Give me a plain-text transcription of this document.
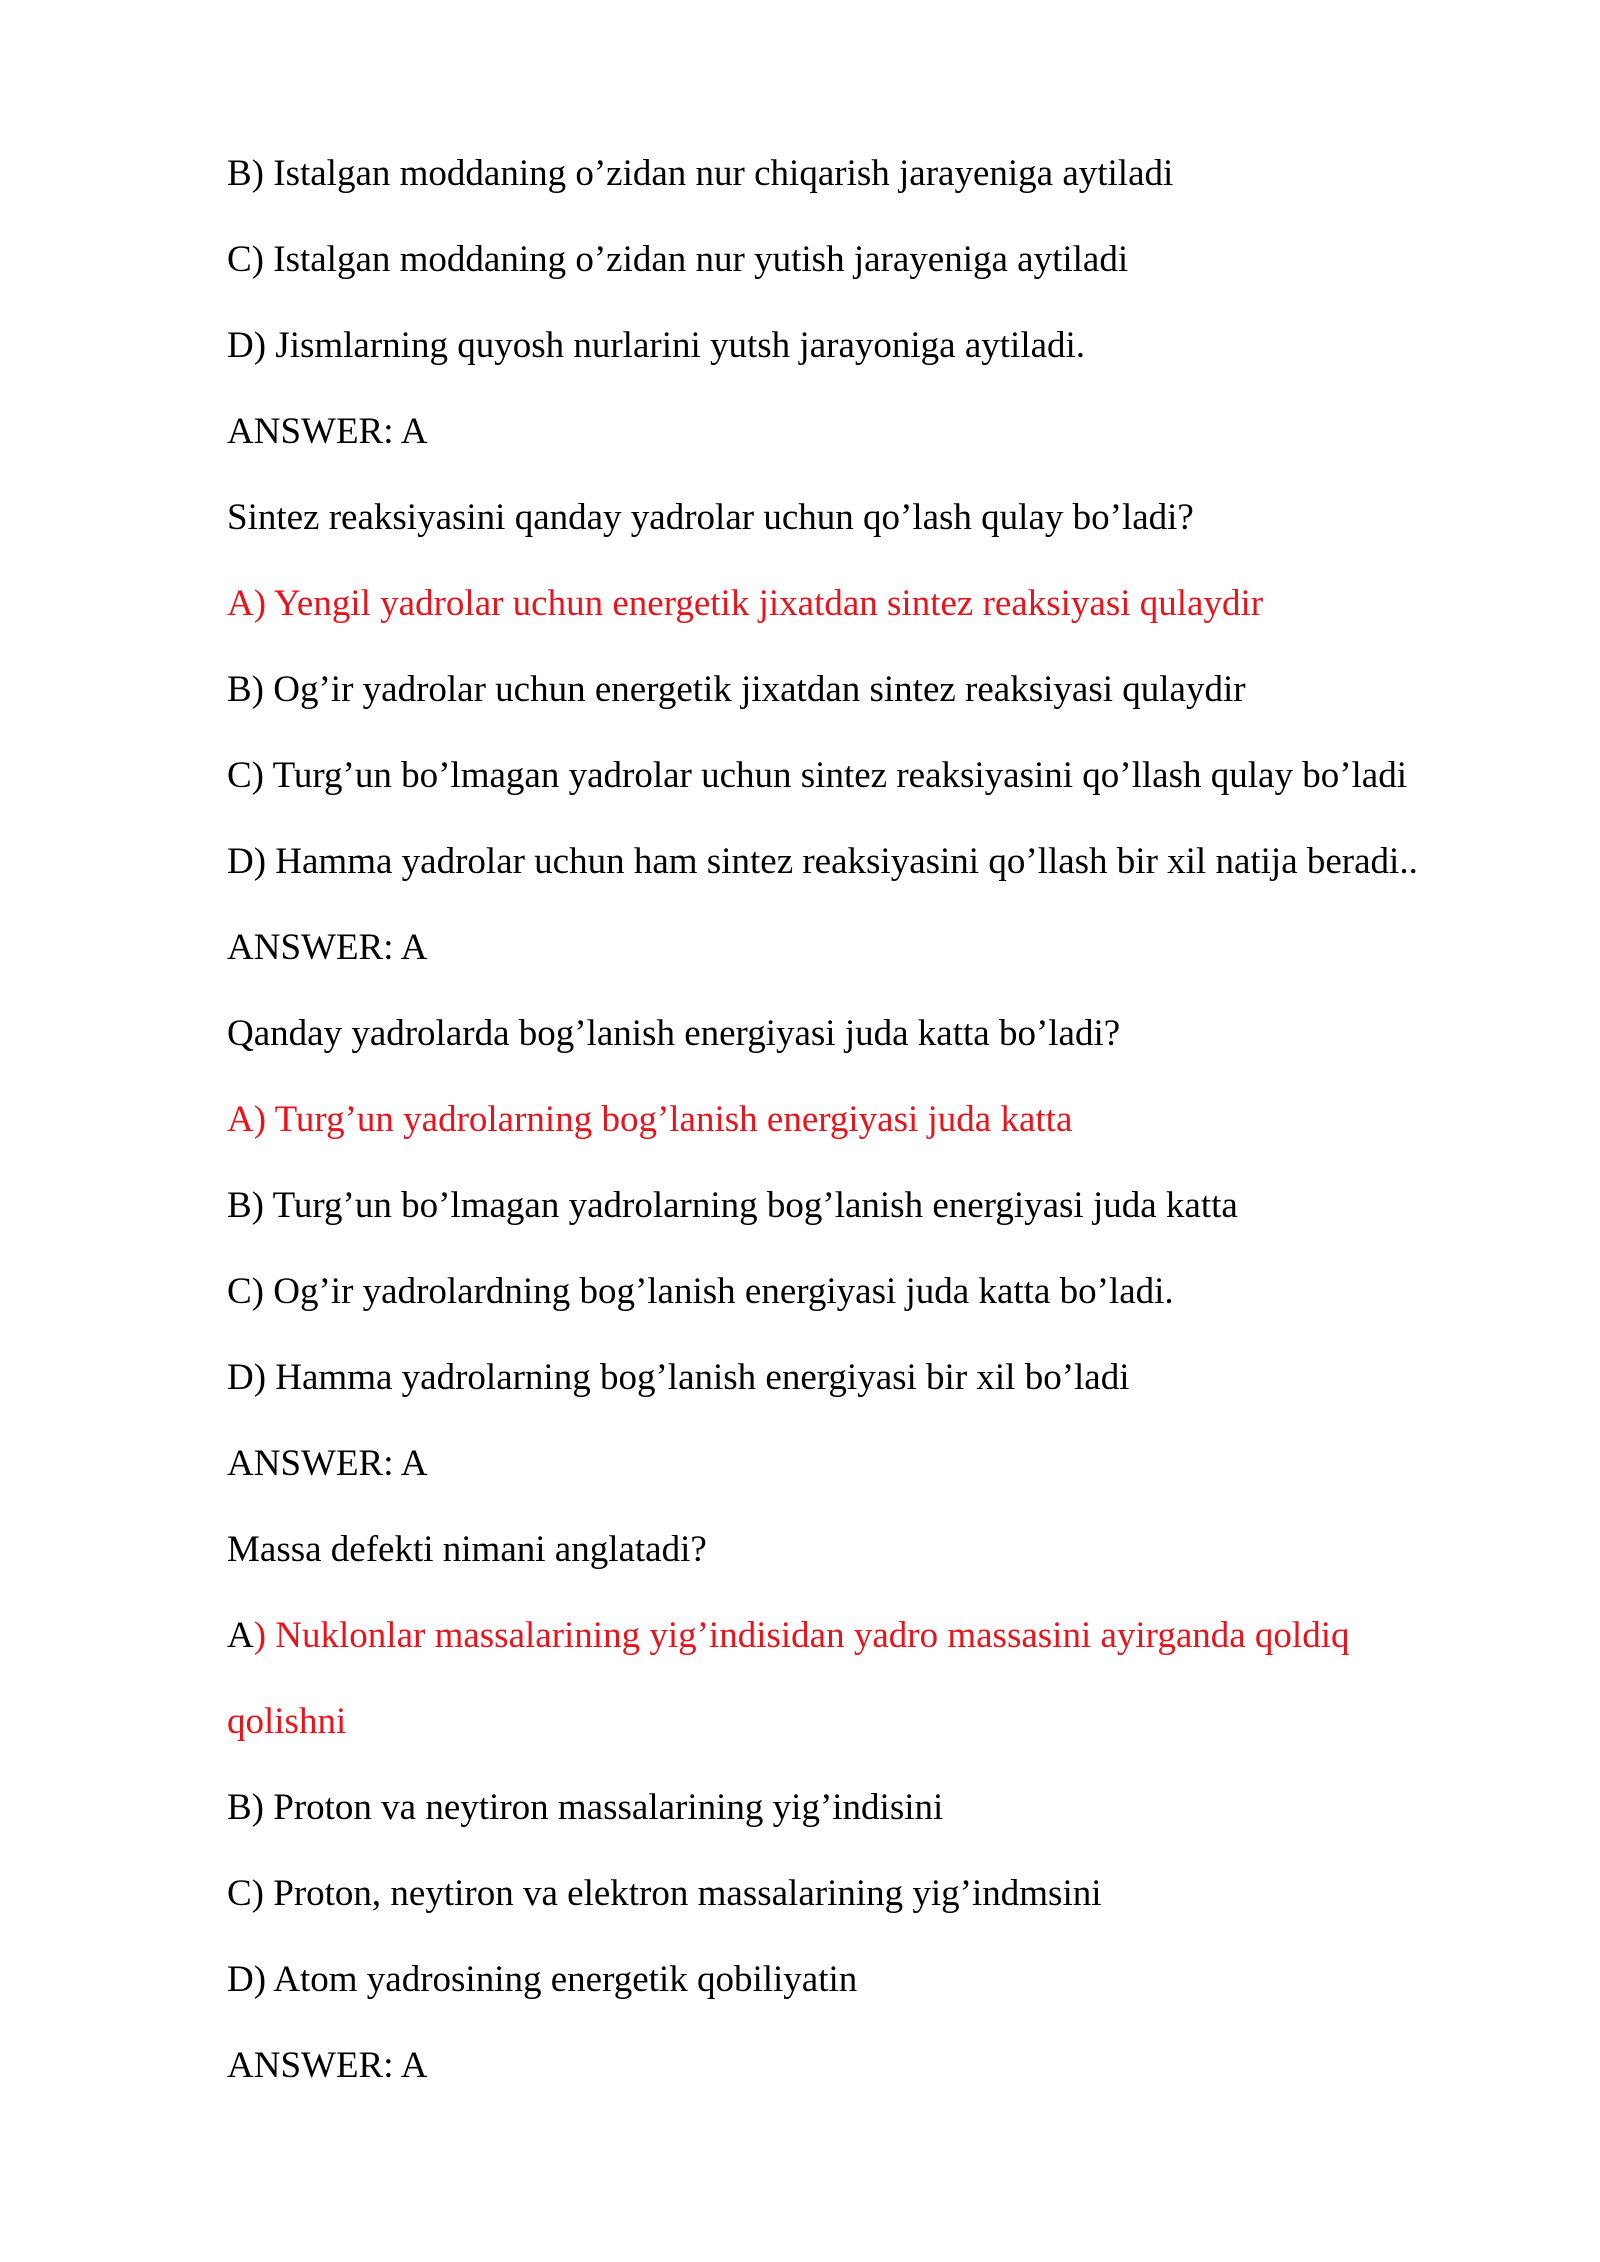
B) Istalgan moddaning o’zidan nur chiqarish jarayeniga aytiladi
C) Istalgan moddaning o’zidan nur yutish jarayeniga aytiladi
D) Jismlarning quyosh nurlarini yutsh jarayoniga aytiladi.
ANSWER: A
Sintez reaksiyasini qanday yadrolar uchun qo’lash qulay bo’ladi?
A) Yengil yadrolar uchun energetik jixatdan sintez reaksiyasi qulaydir
B) Og’ir yadrolar uchun energetik jixatdan sintez reaksiyasi qulaydir
C) Turg’un bo’lmagan yadrolar uchun sintez reaksiyasini qo’llash qulay bo’ladi
D) Hamma yadrolar uchun ham sintez reaksiyasini qo’llash bir xil natija beradi..
ANSWER: A
Qanday yadrolarda bog’lanish energiyasi juda katta bo’ladi?
A) Turg’un yadrolarning bog’lanish energiyasi juda katta
B) Turg’un bo’lmagan yadrolarning bog’lanish energiyasi juda katta
C) Og’ir yadrolardning bog’lanish energiyasi juda katta bo’ladi.
D) Hamma yadrolarning bog’lanish energiyasi bir xil bo’ladi
ANSWER: A
Massa defekti nimani anglatadi?
A) Nuklonlar massalarining yig’indisidan yadro massasini ayirganda qoldiq
qolishni
B) Proton va neytiron massalarining yig’indisini
C) Proton, neytiron va elektron massalarining yig’indmsini
D) Atom yadrosining energetik qobiliyatin
ANSWER: A
